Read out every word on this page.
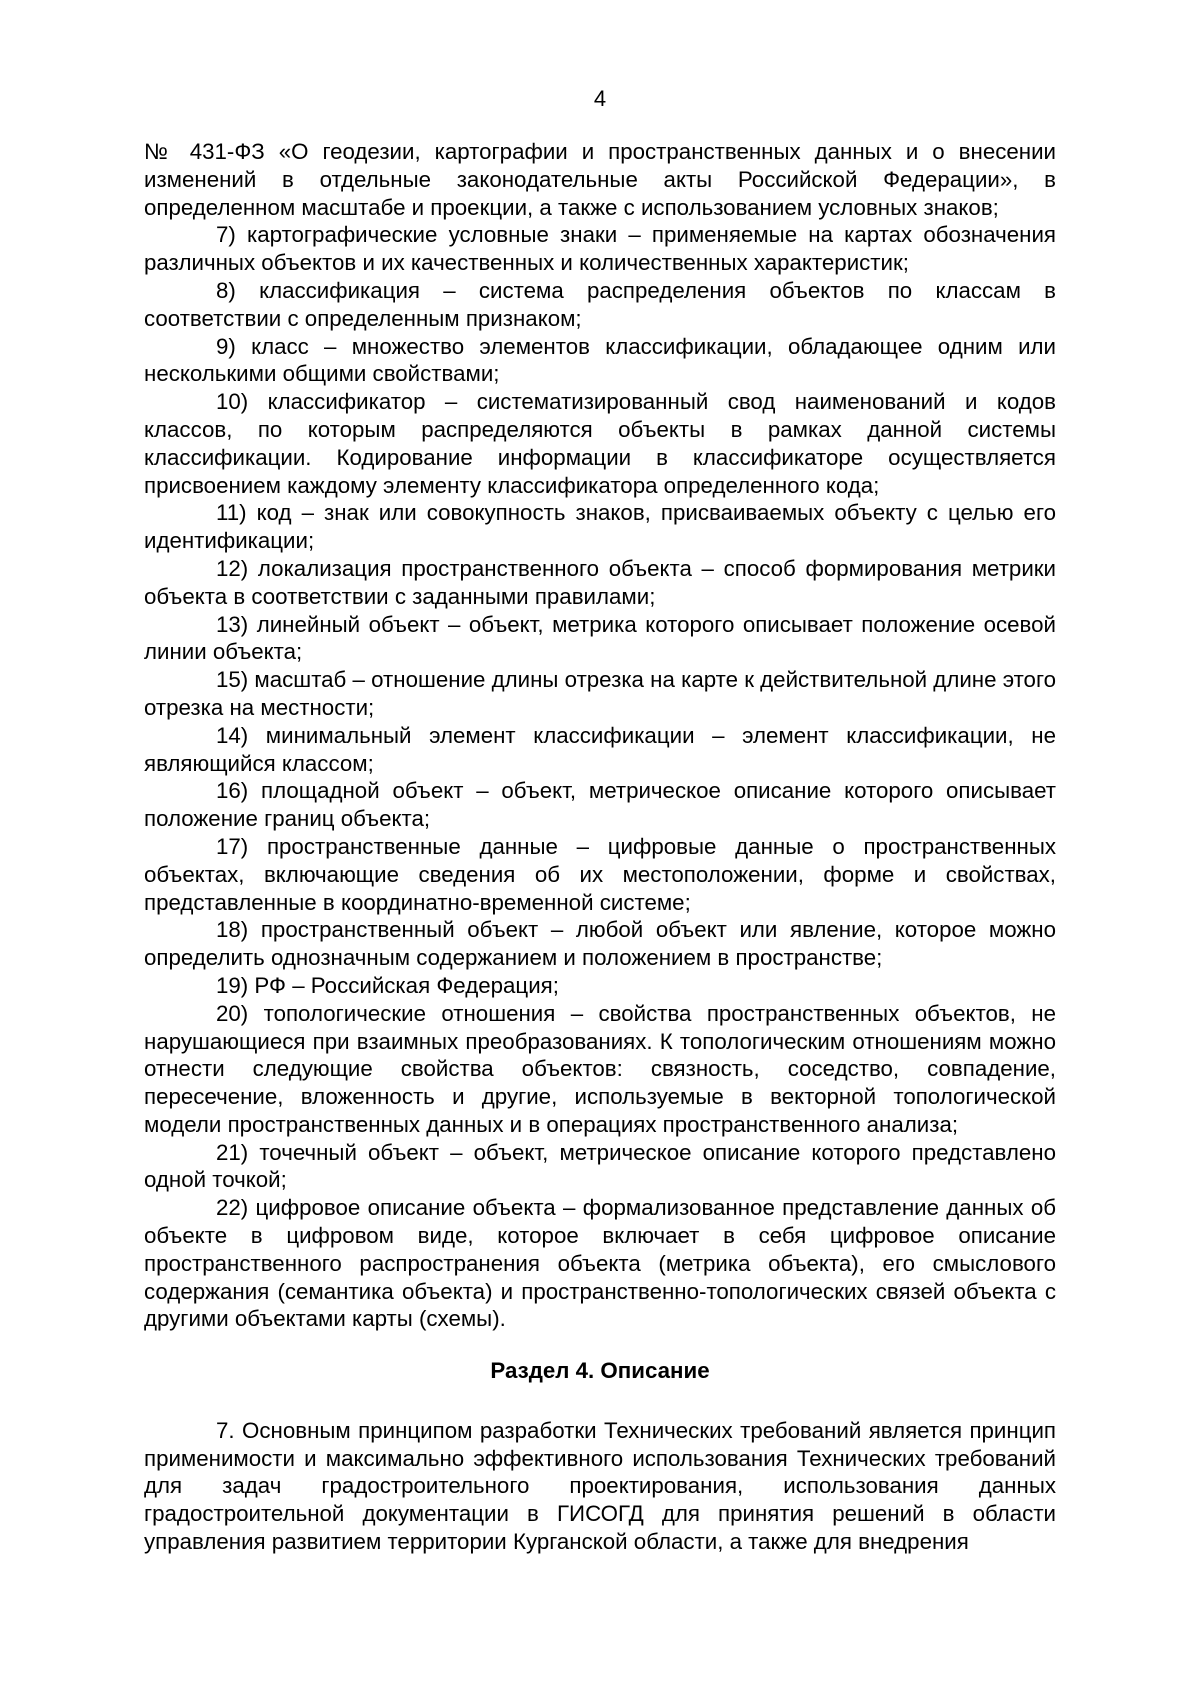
4

№ 431-ФЗ «О геодезии, картографии и пространственных данных и о внесении изменений в отдельные законодательные акты Российской Федерации», в определенном масштабе и проекции, а также с использованием условных знаков;

7) картографические условные знаки – применяемые на картах обозначения различных объектов и их качественных и количественных характеристик;

8) классификация – система распределения объектов по классам в соответствии с определенным признаком;

9) класс – множество элементов классификации, обладающее одним или несколькими общими свойствами;

10) классификатор – систематизированный свод наименований и кодов классов, по которым распределяются объекты в рамках данной системы классификации. Кодирование информации в классификаторе осуществляется присвоением каждому элементу классификатора определенного кода;

11) код – знак или совокупность знаков, присваиваемых объекту с целью его идентификации;

12) локализация пространственного объекта – способ формирования метрики объекта в соответствии с заданными правилами;

13) линейный объект – объект, метрика которого описывает положение осевой линии объекта;

15) масштаб – отношение длины отрезка на карте к действительной длине этого отрезка на местности;

14) минимальный элемент классификации – элемент классификации, не являющийся классом;

16) площадной объект – объект, метрическое описание которого описывает положение границ объекта;

17) пространственные данные – цифровые данные о пространственных объектах, включающие сведения об их местоположении, форме и свойствах, представленные в координатно-временной системе;

18) пространственный объект – любой объект или явление, которое можно определить однозначным содержанием и положением в пространстве;

19) РФ – Российская Федерация;

20) топологические отношения – свойства пространственных объектов, не нарушающиеся при взаимных преобразованиях. К топологическим отношениям можно отнести следующие свойства объектов: связность, соседство, совпадение, пересечение, вложенность и другие, используемые в векторной топологической модели пространственных данных и в операциях пространственного анализа;

21) точечный объект – объект, метрическое описание которого представлено одной точкой;

22) цифровое описание объекта – формализованное представление данных об объекте в цифровом виде, которое включает в себя цифровое описание пространственного распространения объекта (метрика объекта), его смыслового содержания (семантика объекта) и пространственно-топологических связей объекта с другими объектами карты (схемы).

Раздел 4. Описание

7. Основным принципом разработки Технических требований является принцип применимости и максимально эффективного использования Технических требований для задач градостроительного проектирования, использования данных градостроительной документации в ГИСОГД для принятия решений в области управления развитием территории Курганской области, а также для внедрения
